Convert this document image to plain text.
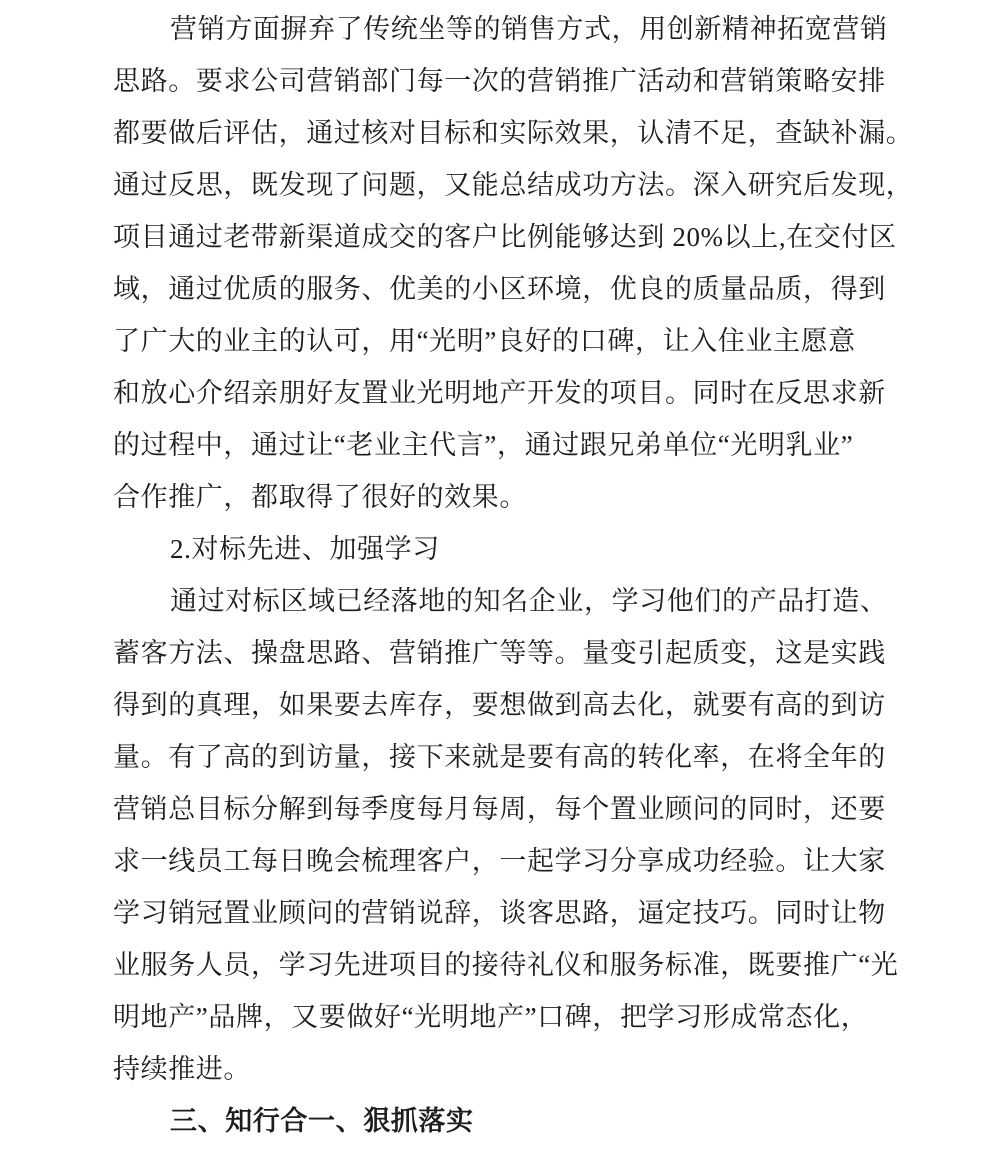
营销方面摒弃了传统坐等的销售方式，用创新精神拓宽营销
思路。要求公司营销部门每一次的营销推广活动和营销策略安排
都要做后评估，通过核对目标和实际效果，认清不足，查缺补漏。
通过反思，既发现了问题，又能总结成功方法。深入研究后发现，
项目通过老带新渠道成交的客户比例能够达到 20%以上,在交付区
域，通过优质的服务、优美的小区环境，优良的质量品质，得到
了广大的业主的认可，用“光明”良好的口碑，让入住业主愿意
和放心介绍亲朋好友置业光明地产开发的项目。同时在反思求新
的过程中，通过让“老业主代言”，通过跟兄弟单位“光明乳业”
合作推广，都取得了很好的效果。
2.对标先进、加强学习
通过对标区域已经落地的知名企业，学习他们的产品打造、
蓄客方法、操盘思路、营销推广等等。量变引起质变，这是实践
得到的真理，如果要去库存，要想做到高去化，就要有高的到访
量。有了高的到访量，接下来就是要有高的转化率，在将全年的
营销总目标分解到每季度每月每周，每个置业顾问的同时，还要
求一线员工每日晚会梳理客户，一起学习分享成功经验。让大家
学习销冠置业顾问的营销说辞，谈客思路，逼定技巧。同时让物
业服务人员，学习先进项目的接待礼仪和服务标准，既要推广“光
明地产”品牌，又要做好“光明地产”口碑，把学习形成常态化，
持续推进。
三、知行合一、狠抓落实
